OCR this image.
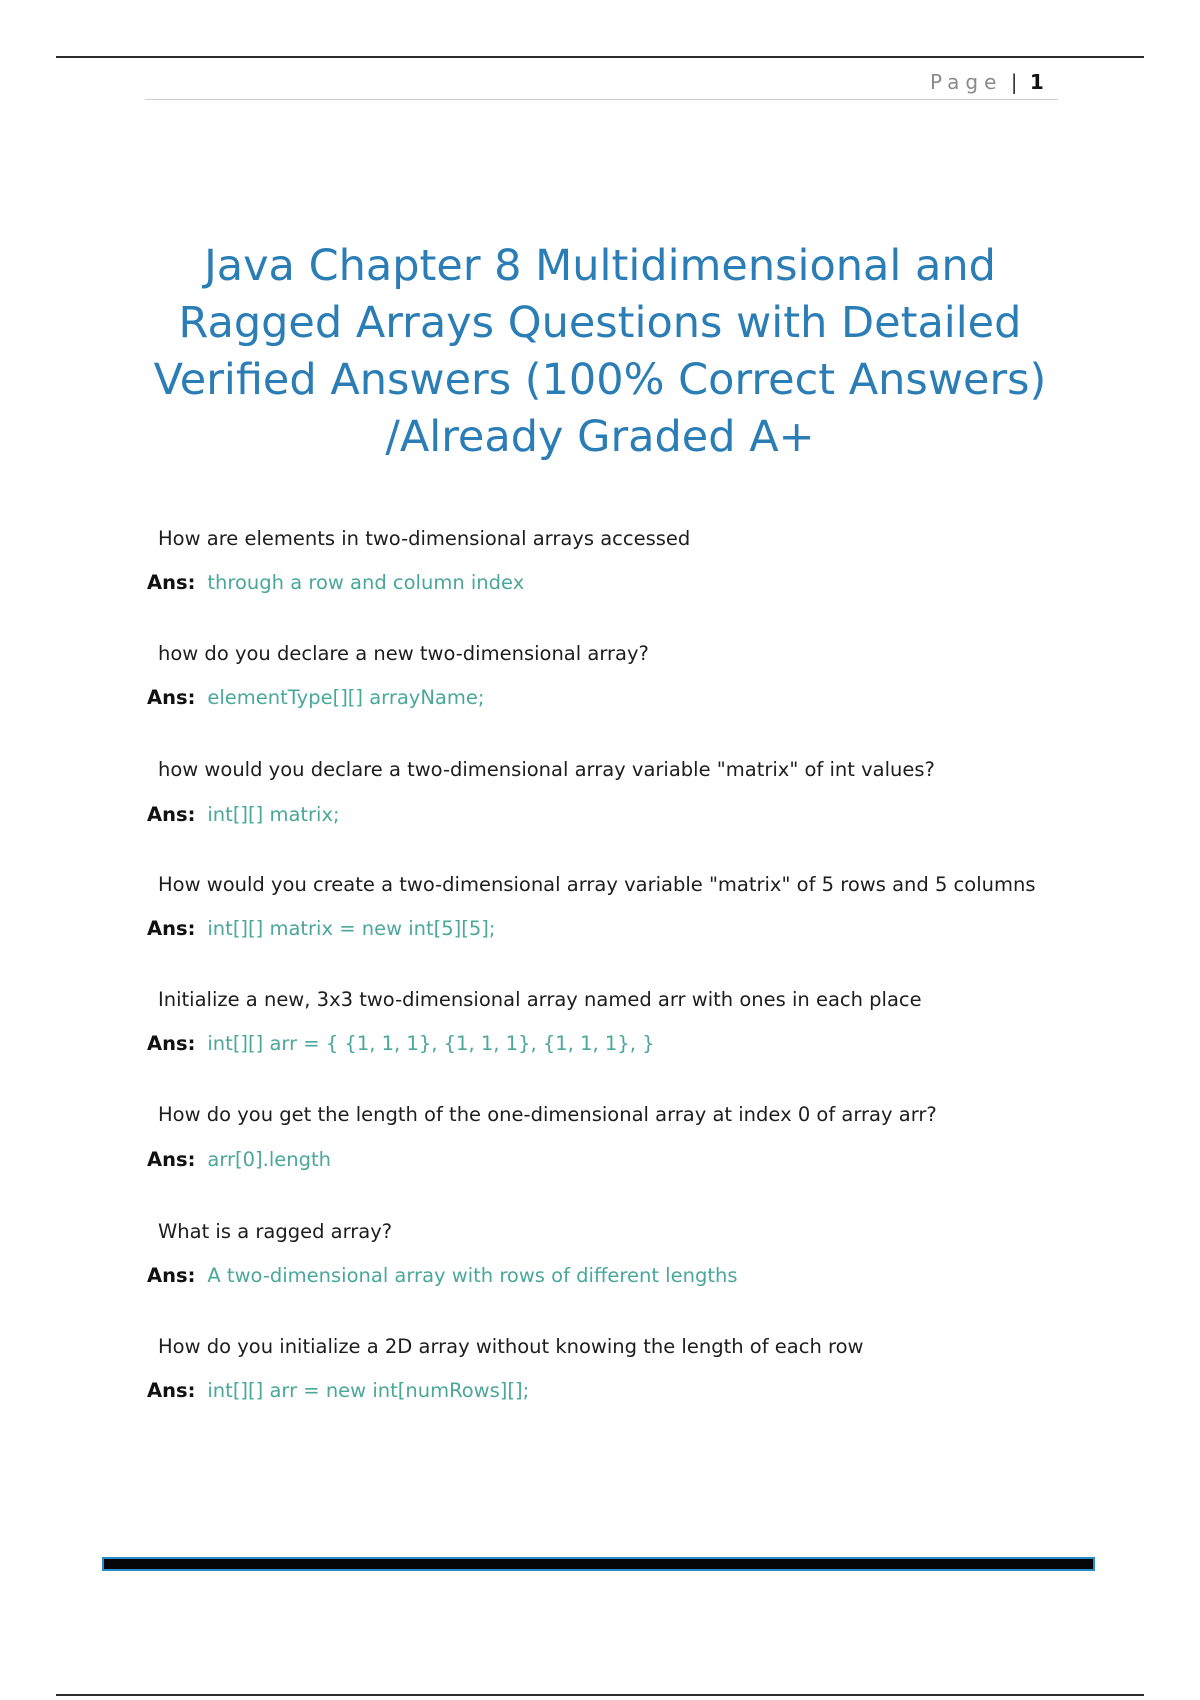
Page | 1
Java Chapter 8 Multidimensional and Ragged Arrays Questions with Detailed Verified Answers (100% Correct Answers) /Already Graded A+
How are elements in two-dimensional arrays accessed
Ans: through a row and column index
how do you declare a new two-dimensional array?
Ans: elementType[][] arrayName;
how would you declare a two-dimensional array variable "matrix" of int values?
Ans: int[][] matrix;
How would you create a two-dimensional array variable "matrix" of 5 rows and 5 columns
Ans: int[][] matrix = new int[5][5];
Initialize a new, 3x3 two-dimensional array named arr with ones in each place
Ans: int[][] arr = { {1, 1, 1}, {1, 1, 1}, {1, 1, 1}, }
How do you get the length of the one-dimensional array at index 0 of array arr?
Ans: arr[0].length
What is a ragged array?
Ans: A two-dimensional array with rows of different lengths
How do you initialize a 2D array without knowing the length of each row
Ans: int[][] arr = new int[numRows][];
